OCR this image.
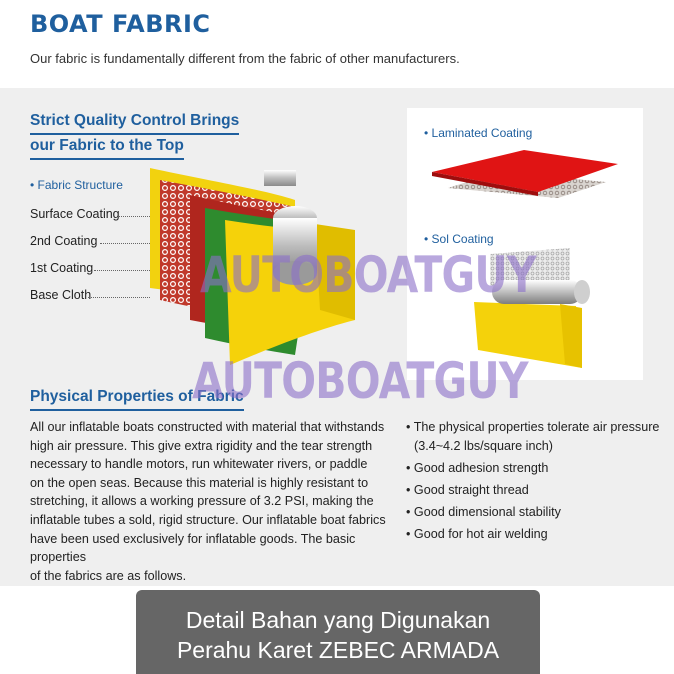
BOAT FABRIC
Our fabric is fundamentally different from the fabric of other manufacturers.
Strict Quality Control Brings
our Fabric to the Top
• Fabric Structure
Surface Coating
2nd Coating
1st Coating
Base Cloth
• Laminated Coating
• Sol Coating
Physical Properties of Fabric
All our inflatable boats constructed with material that withstands
high air pressure. This give extra rigidity and the tear strength
necessary to handle motors, run whitewater rivers, or paddle
on the open seas. Because this material is highly resistant to
stretching, it allows a working pressure of 3.2 PSI, making the
inflatable tubes a sold, rigid structure. Our inflatable boat fabrics
have been used exclusively for inflatable goods. The basic properties
of the fabrics are as follows.
• The physical properties tolerate air pressure
(3.4~4.2 lbs/square inch)
• Good adhesion strength
• Good straight thread
• Good dimensional stability
• Good for hot air welding
AUTOBOATGUY
AUTOBOATGUY
Detail Bahan yang Digunakan
Perahu Karet ZEBEC ARMADA
